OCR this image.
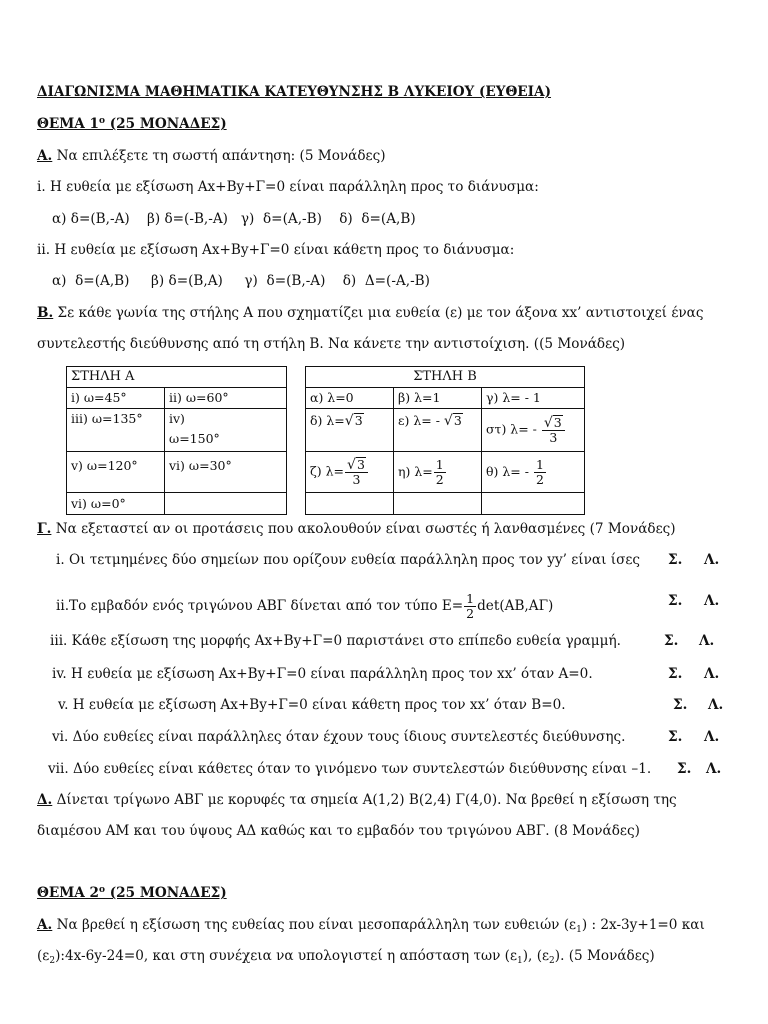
ΔΙΑΓΩΝΙΣΜΑ ΜΑΘΗΜΑΤΙΚΑ ΚΑΤΕΥΘΥΝΣΗΣ Β ΛΥΚΕΙΟΥ (ΕΥΘΕΙΑ)
ΘΕΜΑ $1^o$ (25 ΜΟΝΑΔΕΣ)
Α. Να επιλέξετε τη σωστή απάντηση: (5 Μονάδες)
i. Η ευθεία με εξίσωση Αx+By+Γ=0 είναι παράλληλη προς το διάνυσμα:
α) δ=(Β,-Α)    β) δ=(-Β,-Α)   γ)  δ=(Α,-Β)    δ)  δ=(Α,Β)
ii. Η ευθεία με εξίσωση Αx+By+Γ=0 είναι κάθετη προς το διάνυσμα:
α)  δ=(Α,Β)     β) δ=(Β,Α)     γ)  δ=(Β,-Α)    δ)  Δ=(-Α,-Β)
Β. Σε κάθε γωνία της στήλης Α που σχηματίζει μια ευθεία (ε) με τον άξονα xx’ αντιστοιχεί ένας
συντελεστής διεύθυνσης από τη στήλη Β. Να κάνετε την αντιστοίχιση. ((5 Μονάδες)
ΣΤΗΛΗ Α	
i) ω=45°	ii) ω=60°
iii) ω=135°	iv)
ω=150°

v) ω=120°	vi) ω=30°
vi) ω=0°	
ΣΤΗΛΗ Β		
α) λ=0	β) λ=1	γ) λ= - 1
δ) λ= √ 3	ε) λ= - √ 3	στ) $\lambda= - \frac{√ 3}{3}$

ζ) $\lambda= \frac{√ 3}{3}$	η) $\lambda= \frac{1}{2}$	θ) $\lambda= - \frac{1}{2}$

Γ. Να εξεταστεί αν οι προτάσεις που ακολουθούν είναι σωστές ή λανθασμένες (7 Μονάδες)
i. Οι τετμημένες δύο σημείων που ορίζουν ευθεία παράλληλη προς τον yy’ είναι ίσες Σ. Λ.
ii.Το εμβαδόν ενός τριγώνου ΑΒΓ δίνεται από τον τύπο $E= \frac{1}{2} \det(AB,A\Gamma)$	Σ. Λ.
iii. Κάθε εξίσωση της μορφής Αx+By+Γ=0 παριστάνει στο επίπεδο ευθεία γραμμή.	Σ. Λ.
iv. Η ευθεία με εξίσωση Αx+By+Γ=0 είναι παράλληλη προς τον xx’ όταν Α=0.	Σ. Λ.
v. Η ευθεία με εξίσωση Αx+By+Γ=0 είναι κάθετη προς τον xx’ όταν Β=0.	Σ. Λ.
vi. Δύο ευθείες είναι παράλληλες όταν έχουν τους ίδιους συντελεστές διεύθυνσης.	Σ. Λ.
vii. Δύο ευθείες είναι κάθετες όταν το γινόμενο των συντελεστών διεύθυνσης είναι –1. Σ. Λ.
Δ. Δίνεται τρίγωνο ΑΒΓ με κορυφές τα σημεία Α(1,2) Β(2,4) Γ(4,0). Να βρεθεί η εξίσωση της
διαμέσου ΑΜ και του ύψους ΑΔ καθώς και το εμβαδόν του τριγώνου ΑΒΓ. (8 Μονάδες)
ΘΕΜΑ $2^o$ (25 ΜΟΝΑΔΕΣ)
Α. Να βρεθεί η εξίσωση της ευθείας που είναι μεσοπαράλληλη των ευθειών $(\varepsilon_1)$ : 2x-3y+1=0 και
$(\varepsilon_2):4x-6y-24=0$, και στη συνέχεια να υπολογιστεί η απόσταση των $(\varepsilon_1)$, $(\varepsilon_2)$. (5 Μονάδες)
